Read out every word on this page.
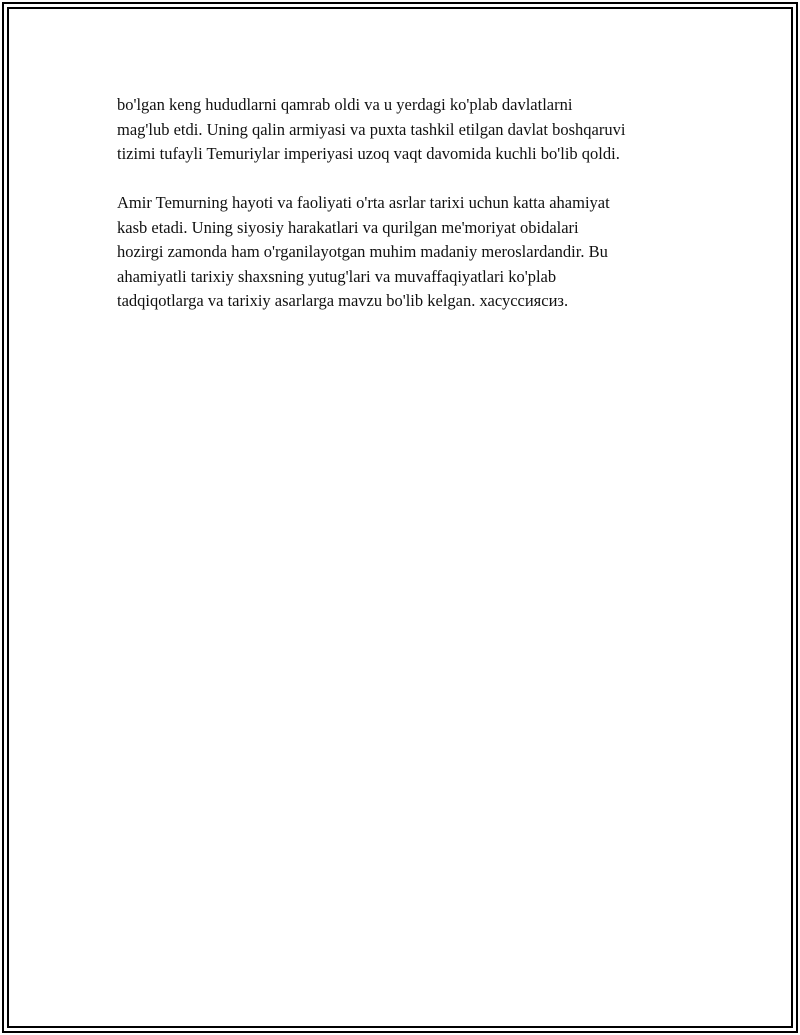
bo'lgan keng hududlarni qamrab oldi va u yerdagi ko'plab davlatlarni
mag'lub etdi. Uning qalin armiyasi va puxta tashkil etilgan davlat boshqaruvi
tizimi tufayli Temuriylar imperiyasi uzoq vaqt davomida kuchli bo'lib qoldi.

Amir Temurning hayoti va faoliyati o'rta asrlar tarixi uchun katta ahamiyat
kasb etadi. Uning siyosiy harakatlari va qurilgan me'moriyat obidalari
hozirgi zamonda ham o'rganilayotgan muhim madaniy meroslardandir. Bu
ahamiyatli tarixiy shaxsning yutug'lari va muvaffaqiyatlari ko'plab
tadqiqotlarga va tarixiy asarlarga mavzu bo'lib kelgan. хасуссиясиз.
